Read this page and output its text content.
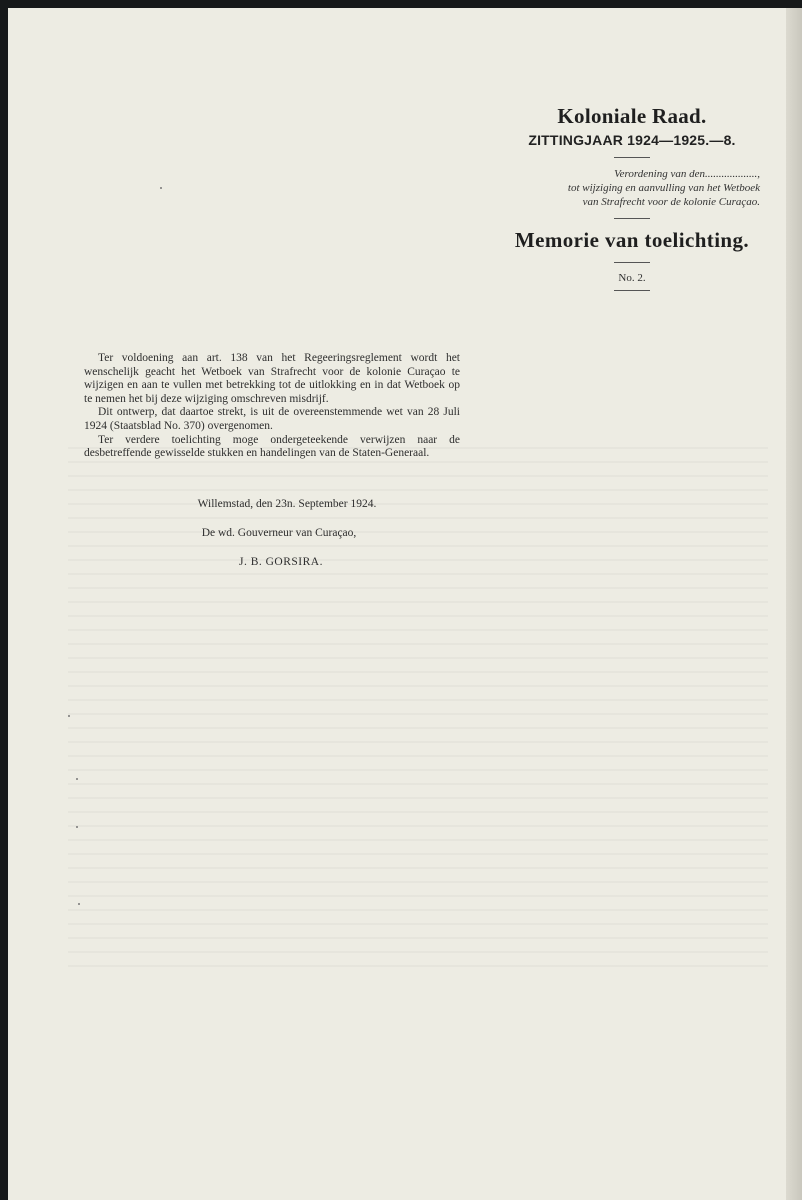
Koloniale Raad.
ZITTINGJAAR 1924—1925.—8.
Verordening van den...................,
tot wijziging en aanvulling van het Wetboek
van Strafrecht voor de kolonie Curaçao.
Memorie van toelichting.
No. 2.

Ter voldoening aan art. 138 van het Regeeringsreglement wordt het wenschelijk geacht het Wetboek van Strafrecht voor de kolonie Curaçao te wijzigen en aan te vullen met betrekking tot de uitlokking en in dat Wetboek op te nemen het bij deze wijziging omschreven misdrijf.

Dit ontwerp, dat daartoe strekt, is uit de overeenstemmende wet van 28 Juli 1924 (Staatsblad No. 370) overgenomen.

Ter verdere toelichting moge ondergeteekende verwijzen naar de desbetreffende gewisselde stukken en handelingen van de Staten-Generaal.

Willemstad, den 23n. September 1924.
De wd. Gouverneur van Curaçao,
J. B. GORSIRA.
